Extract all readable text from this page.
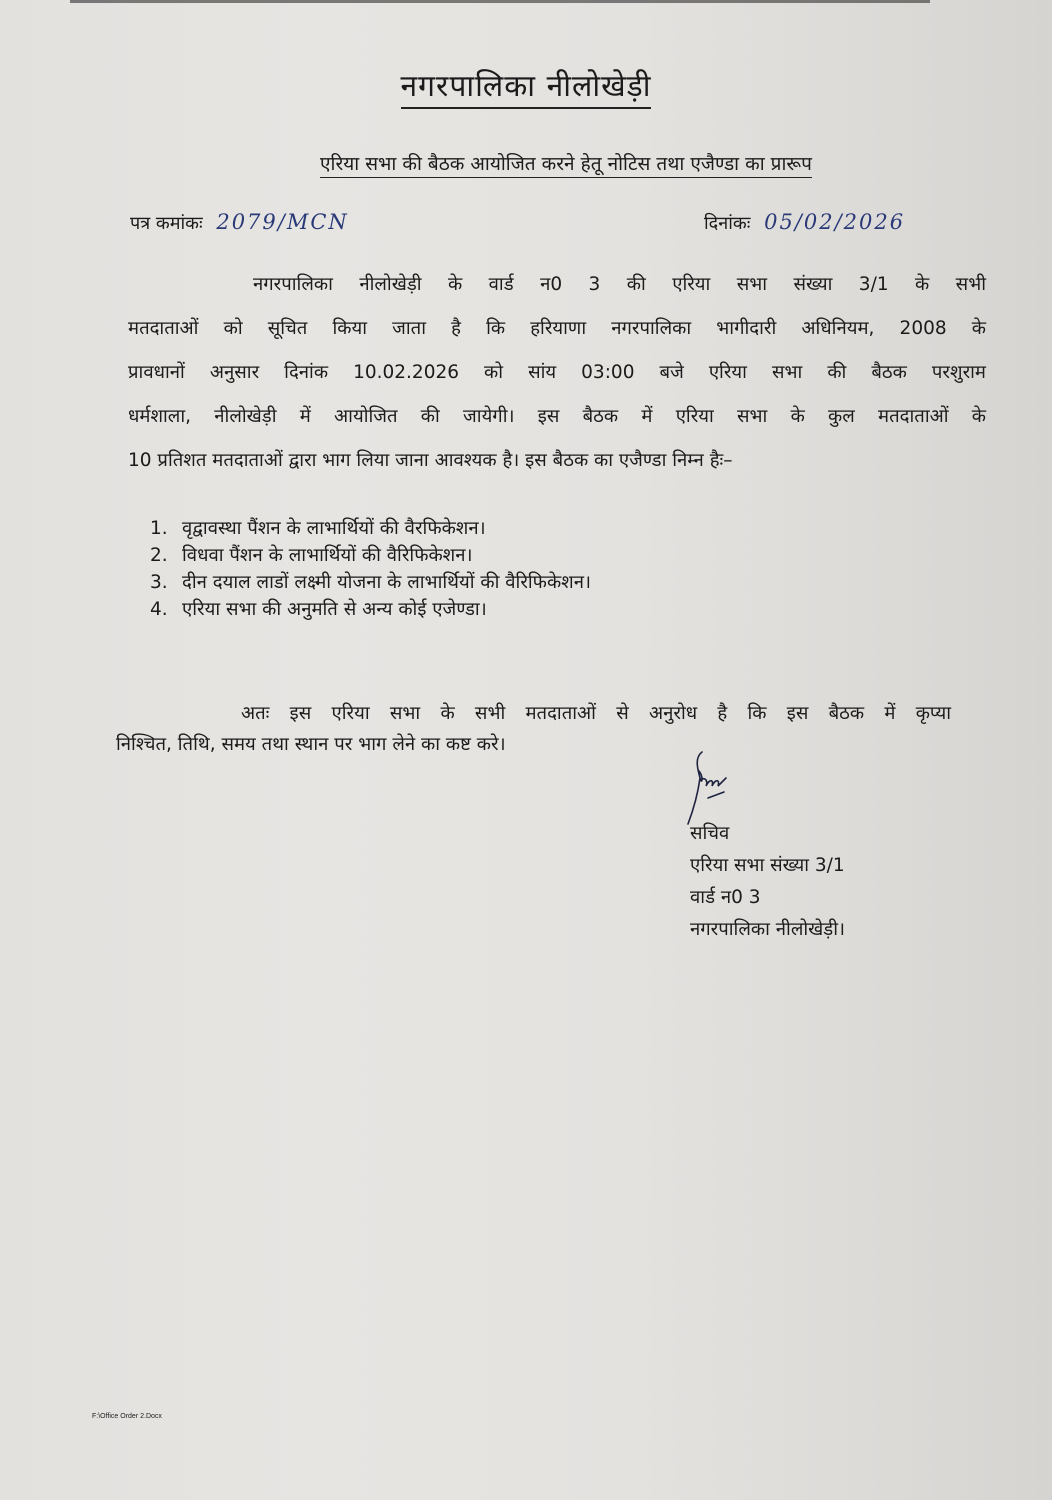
नगरपालिका नीलोखेड़ी
एरिया सभा की बैठक आयोजित करने हेतू नोटिस तथा एजैण्डा का प्रारूप
पत्र कमांकः 2079/MCN	दिनांकः 05/02/2026
नगरपालिका नीलोखेड़ी के वार्ड न0 3 की एरिया सभा संख्या 3/1 के सभी
मतदाताओं को सूचित किया जाता है कि हरियाणा नगरपालिका भागीदारी अधिनियम, 2008 के
प्रावधानों अनुसार दिनांक 10.02.2026 को सांय 03:00 बजे एरिया सभा की बैठक परशुराम
धर्मशाला, नीलोखेड़ी में आयोजित की जायेगी। इस बैठक में एरिया सभा के कुल मतदाताओं के
10 प्रतिशत मतदाताओं द्वारा भाग लिया जाना आवश्यक है। इस बैठक का एजैण्डा निम्न हैः–
1. वृद्वावस्था पैंशन के लाभार्थियों की वैरफिकेशन।
2. विधवा पैंशन के लाभार्थियों की वैरिफिकेशन।
3. दीन दयाल लाडों लक्ष्मी योजना के लाभार्थियों की वैरिफिकेशन।
4. एरिया सभा की अनुमति से अन्य कोई एजेण्डा।
अतः इस एरिया सभा के सभी मतदाताओं से अनुरोध है कि इस बैठक में कृप्या
निश्चित, तिथि, समय तथा स्थान पर भाग लेने का कष्ट करे।
सचिव
एरिया सभा संख्या 3/1
वार्ड न0 3
नगरपालिका नीलोखेड़ी।
F:\Office Order 2.Docx
